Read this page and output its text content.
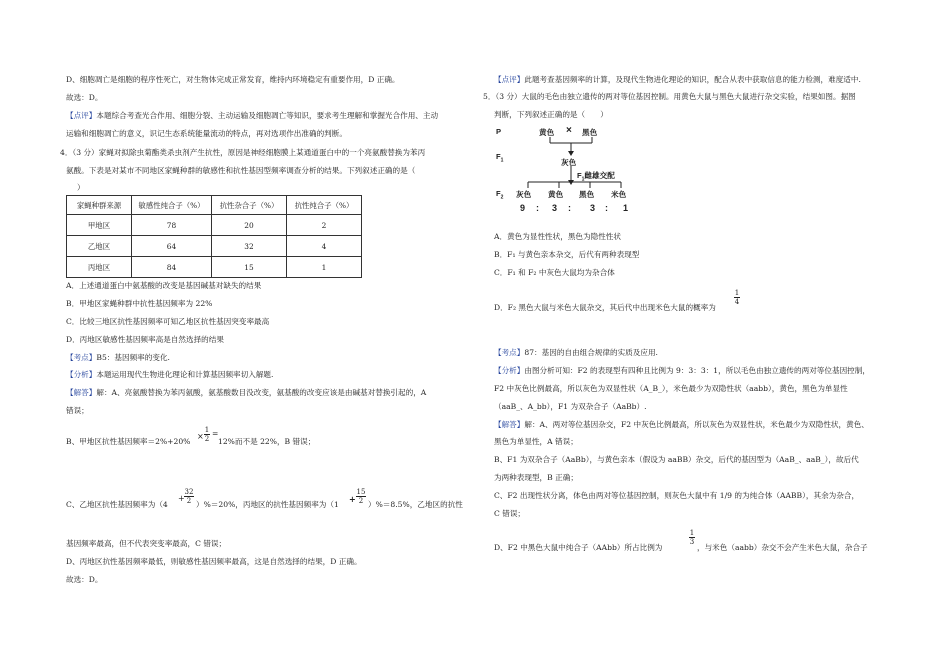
D、细胞凋亡是细胞的程序性死亡，对生物体完成正常发育，维持内环境稳定有重要作用，D 正确。
故选：D。
【点评】本题综合考查光合作用、细胞分裂、主动运输及细胞凋亡等知识，要求考生理解和掌握光合作用、主动
运输和细胞凋亡的意义，识记生态系统能量流动的特点，再对选项作出准确的判断。
4．（3 分）家蝇对拟除虫菊酯类杀虫剂产生抗性，原因是神经细胞膜上某通道蛋白中的一个亮氨酸替换为苯丙
氨酸。下表是对某市不同地区家蝇种群的敏感性和抗性基因型频率调查分析的结果。下列叙述正确的是（
）
家蝇种群来源	敏感性纯合子（%）	抗性杂合子（%）	抗性纯合子（%）
甲地区	78	20	2
乙地区	64	32	4
丙地区	84	15	1
A．上述通道蛋白中氨基酸的改变是基因碱基对缺失的结果
B．甲地区家蝇种群中抗性基因频率为 22%
C．比较三地区抗性基因频率可知乙地区抗性基因突变率最高
D．丙地区敏感性基因频率高是自然选择的结果
【考点】B5：基因频率的变化.
【分析】本题运用现代生物进化理论和计算基因频率切入解题.
【解答】解：A、亮氨酸替换为苯丙氨酸，氨基酸数目没改变，氨基酸的改变应该是由碱基对替换引起的，A
错误；
B、甲地区抗性基因频率＝2%+20%
× $\frac{1}{2}$ =
12%而不是 22%，B 错误；
C、乙地区抗性基因频率为（4
+ $\frac{32}{2} )\%=20\%$，丙地区的抗性基因频率为（1
+ $\frac{15}{2} )\%=8.5\%$，乙地区的抗性
基因频率最高，但不代表突变率最高，C 错误；
D、丙地区抗性基因频率最低，则敏感性基因频率最高，这是自然选择的结果，D 正确。
故选：D。
【点评】此题考查基因频率的计算，及现代生物进化理论的知识，配合从表中获取信息的能力检测，难度适中.
5．（3 分）大鼠的毛色由独立遗传的两对等位基因控制。用黄色大鼠与黑色大鼠进行杂交实验，结果如图。据图
判断，下列叙述正确的是（　　）
P	黄色 × 黑色
$F_1$	灰色
$F_1$雌雄交配
$F_2$ 灰色 黄色 黑色 米色
9 : 3 : 3 : 1
A．黄色为显性性状，黑色为隐性性状
B．F₁ 与黄色亲本杂交，后代有两种表现型
C．F₁ 和 F₂ 中灰色大鼠均为杂合体
D．F₂ 黑色大鼠与米色大鼠杂交，其后代中出现米色大鼠的概率为
$\frac{1}{4}$
【考点】87：基因的自由组合规律的实质及应用.
【分析】由图分析可知：F2 的表现型有四种且比例为 9：3：3：1，所以毛色由独立遗传的两对等位基因控制，
F2 中灰色比例最高，所以灰色为双显性状（A_B_），米色最少为双隐性状（aabb），黄色，黑色为单显性
（aaB_、A_bb），F1 为双杂合子（AaBb）.
【解答】解：A、两对等位基因杂交，F2 中灰色比例最高，所以灰色为双显性状，米色最少为双隐性状，黄色、
黑色为单显性，A 错误；
B、F1 为双杂合子（AaBb），与黄色亲本（假设为 aaBB）杂交，后代的基因型为（AaB_、aaB_），故后代
为两种表现型，B 正确；
C、F2 出现性状分离，体色由两对等位基因控制，则灰色大鼠中有 1/9 的为纯合体（AABB），其余为杂合，
C 错误；
D、F2 中黑色大鼠中纯合子（AAbb）所占比例为
$\frac{1}{3}$
，与米色（aabb）杂交不会产生米色大鼠，杂合子
